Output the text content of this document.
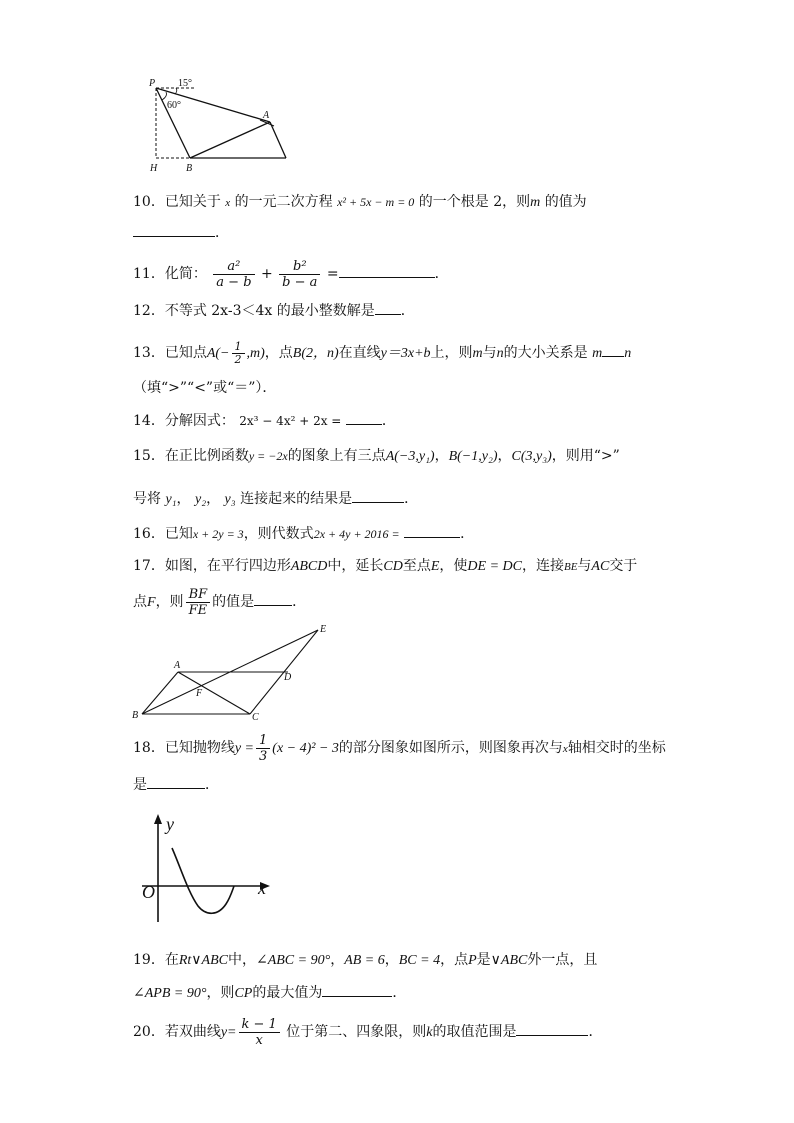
P 15°
60°
A
H	B
10．已知关于 x 的一元二次方程 x² + 5x − m = 0 的一个根是 2，则m 的值为
．
11．化简： $\frac{\text{a²}}{a - b} + \frac{\text{b²}}{b - a}$ =	．
12．不等式 2x-3＜4x 的最小整数解是 ．
13．已知点$A(- \frac{1}{2} ,m)$，点B(2，n)在直线y＝3x+b上，则m与n的大小关系是 m n
（填“>”“<”或“＝”）．
14．分解因式： 2x³ − 4x² + 2x =	．
15．在正比例函数y = −2x的图象上有三点A(−3,y₁)，B(−1,y₂)，C(3,y₃)，则用“>”
号将 y₁， y₂， y₃ 连接起来的结果是	．
16．已知x + 2y = 3，则代数式2x + 4y + 2016 =	．
17．如图，在平行四边形ABCD中，延长CD至点E，使DE = DC，连接BE与AC交于
点F，则 $\frac{BF}{FE}$ 的值是	．
A
B	C
D
E
F
18．已知抛物线$y = \frac{1}{3} (x - 4)^2 - 3$的部分图象如图所示，则图象再次与x轴相交时的坐标
是	．
y
x
O
19．在Rt∨ABC中，∠ABC = 90°，AB = 6，BC = 4，点P是∨ABC外一点，且
∠APB = 90°，则CP的最大值为	．
20．若双曲线$y= \frac{k - 1}{x}$ 位于第二、四象限，则k的取值范围是	．
